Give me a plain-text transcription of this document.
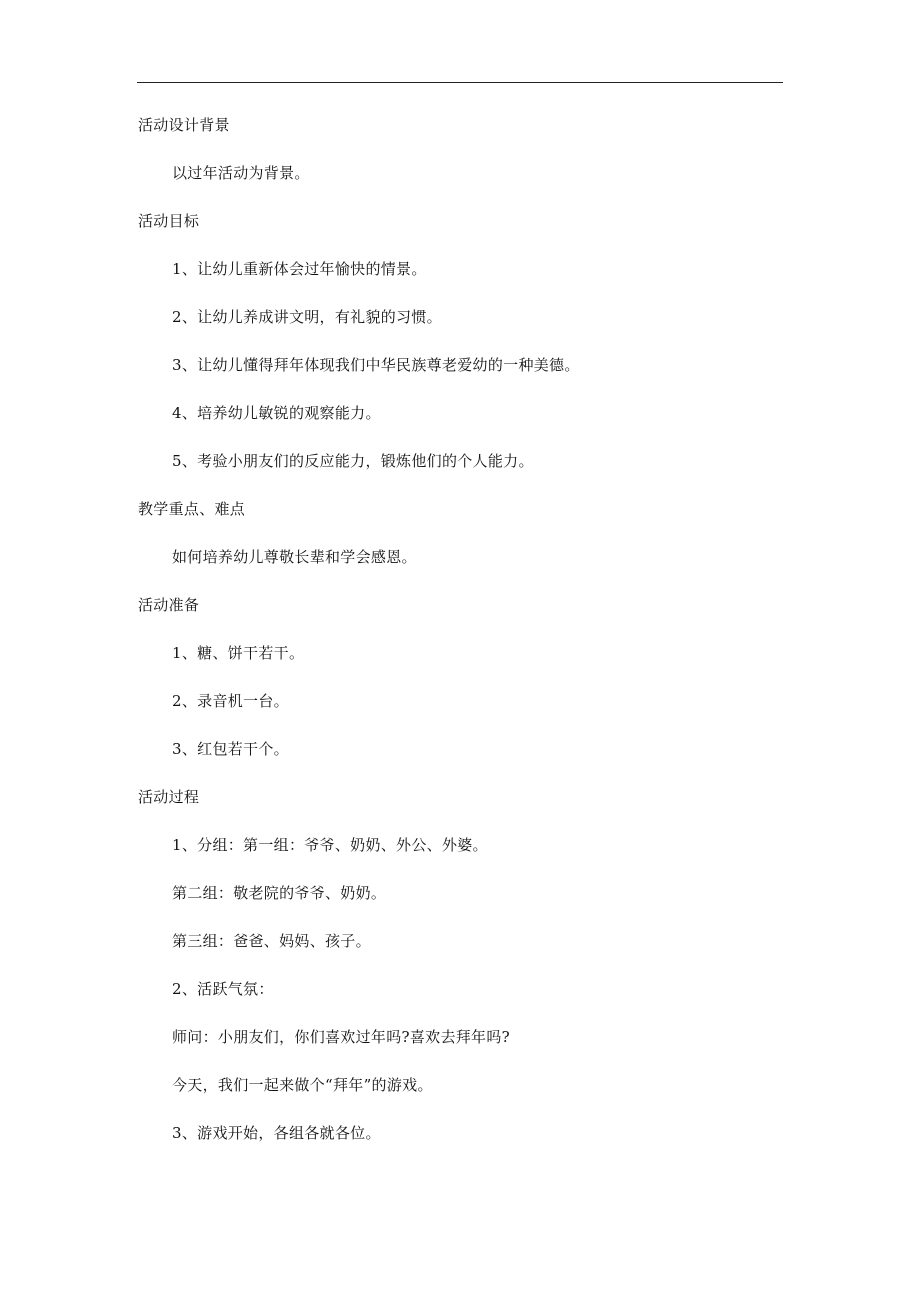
活动设计背景
以过年活动为背景。
活动目标
1、让幼儿重新体会过年愉快的情景。
2、让幼儿养成讲文明，有礼貌的习惯。
3、让幼儿懂得拜年体现我们中华民族尊老爱幼的一种美德。
4、培养幼儿敏锐的观察能力。
5、考验小朋友们的反应能力，锻炼他们的个人能力。
教学重点、难点
如何培养幼儿尊敬长辈和学会感恩。
活动准备
1、糖、饼干若干。
2、录音机一台。
3、红包若干个。
活动过程
1、分组：第一组：爷爷、奶奶、外公、外婆。
第二组：敬老院的爷爷、奶奶。
第三组：爸爸、妈妈、孩子。
2、活跃气氛：
师问：小朋友们，你们喜欢过年吗?喜欢去拜年吗?
今天，我们一起来做个“拜年”的游戏。
3、游戏开始，各组各就各位。
